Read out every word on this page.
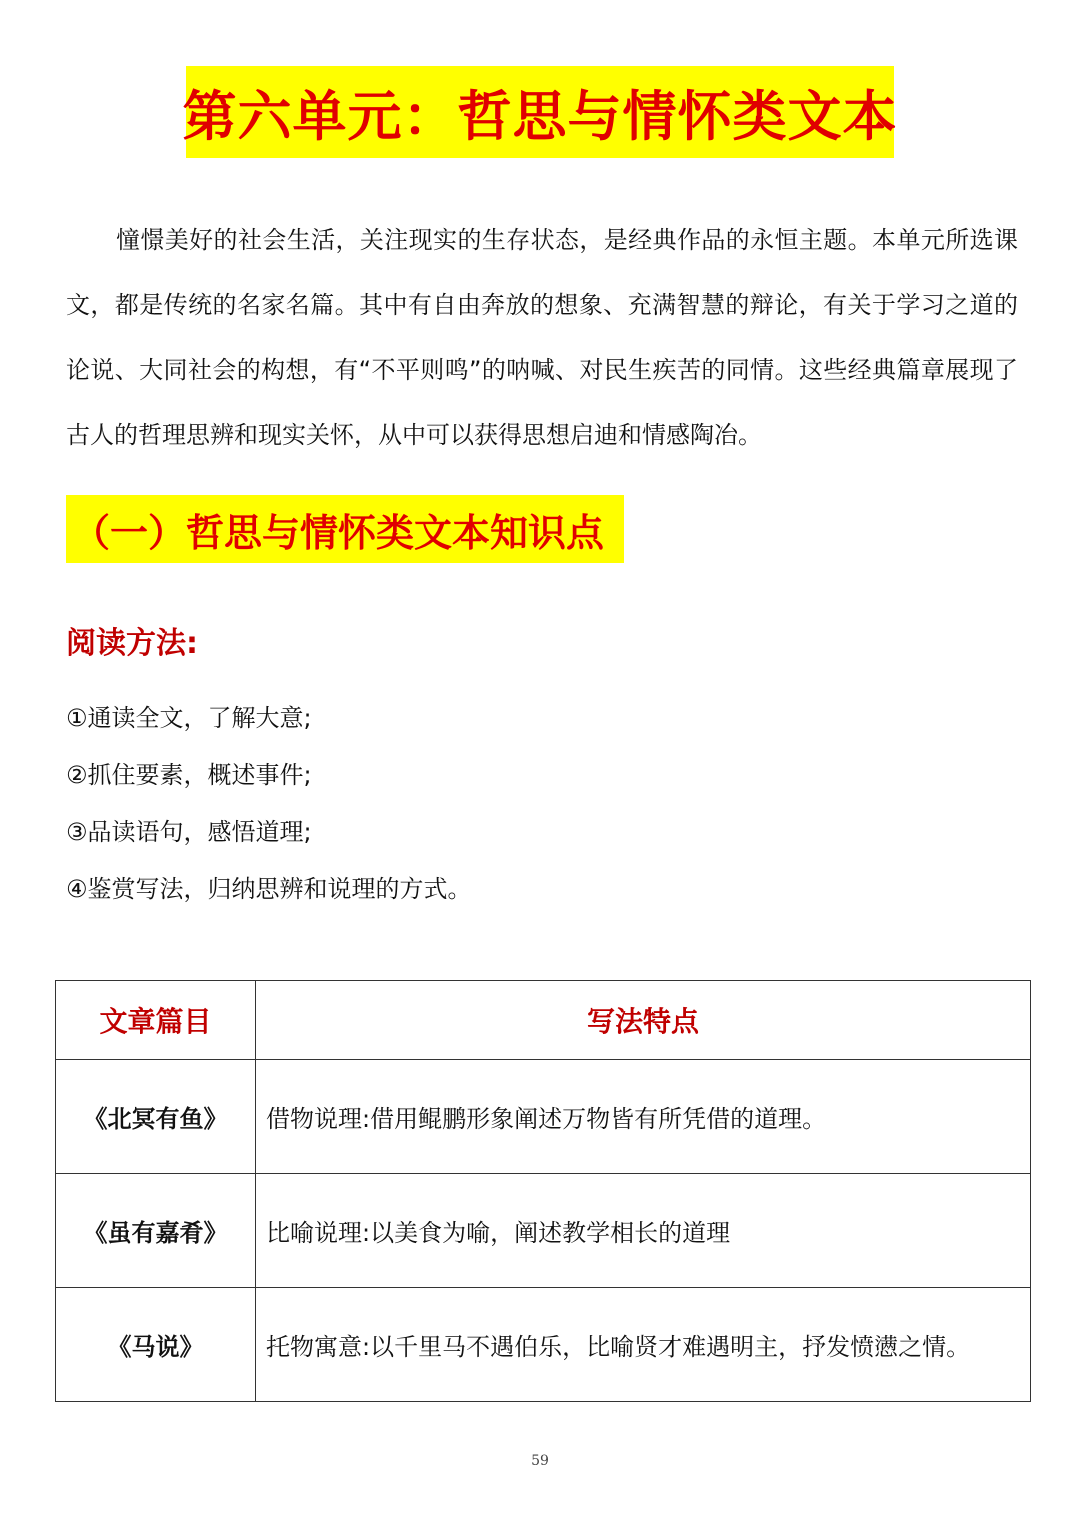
第六单元：哲思与情怀类文本

憧憬美好的社会生活，关注现实的生存状态，是经典作品的永恒主题。本单元所选课文，都是传统的名家名篇。其中有自由奔放的想象、充满智慧的辩论，有关于学习之道的论说、大同社会的构想，有“不平则鸣”的呐喊、对民生疾苦的同情。这些经典篇章展现了古人的哲理思辨和现实关怀，从中可以获得思想启迪和情感陶冶。

（一）哲思与情怀类文本知识点
阅读方法:
①通读全文，了解大意;
②抓住要素，概述事件;
③品读语句，感悟道理;
④鉴赏写法，归纳思辨和说理的方式。
文章篇目	写法特点
《北冥有鱼》	借物说理:借用鲲鹏形象阐述万物皆有所凭借的道理。
《虽有嘉肴》	比喻说理:以美食为喻，阐述教学相长的道理
《马说》	托物寓意:以千里马不遇伯乐，比喻贤才难遇明主，抒发愤懑之情。
59
